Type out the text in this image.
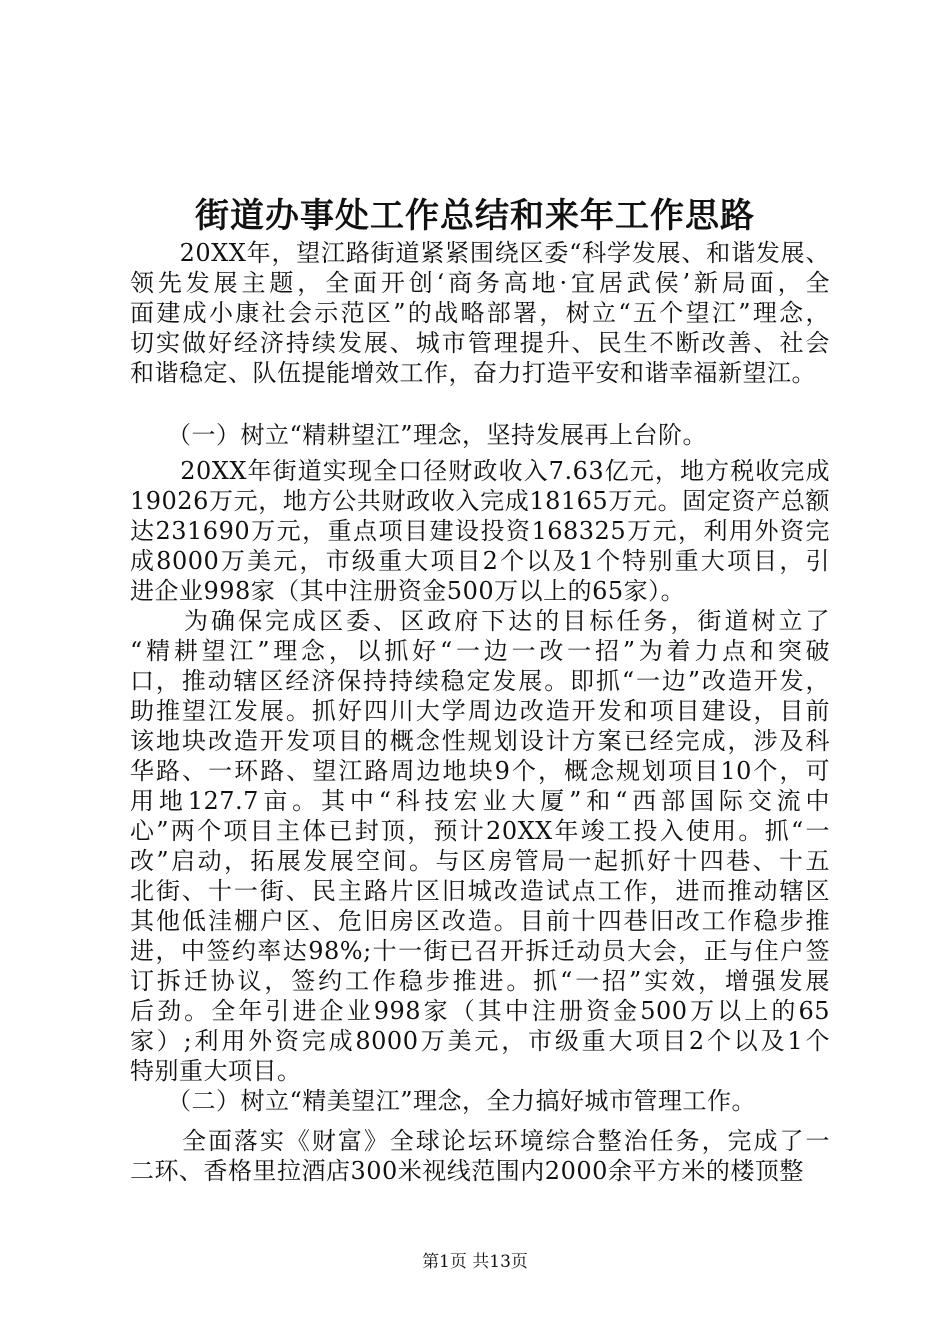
街道办事处工作总结和来年工作思路
　　20XX年，望江路街道紧紧围绕区委“科学发展、和谐发展、
领先发展主题，全面开创‘商务高地·宜居武侯’新局面，全
面建成小康社会示范区”的战略部署，树立“五个望江”理念，
切实做好经济持续发展、城市管理提升、民生不断改善、社会
和谐稳定、队伍提能增效工作，奋力打造平安和谐幸福新望江。
　　（一）树立“精耕望江”理念，坚持发展再上台阶。
　　20XX年街道实现全口径财政收入7.63亿元，地方税收完成
19026万元，地方公共财政收入完成18165万元。固定资产总额
达231690万元，重点项目建设投资168325万元，利用外资完
成8000万美元，市级重大项目2个以及1个特别重大项目，引
进企业998家（其中注册资金500万以上的65家）。
　　为确保完成区委、区政府下达的目标任务，街道树立了
“精耕望江”理念，以抓好“一边一改一招”为着力点和突破
口，推动辖区经济保持持续稳定发展。即抓“一边”改造开发，
助推望江发展。抓好四川大学周边改造开发和项目建设，目前
该地块改造开发项目的概念性规划设计方案已经完成，涉及科
华路、一环路、望江路周边地块9个，概念规划项目10个，可
用地127.7亩。其中“科技宏业大厦”和“西部国际交流中
心”两个项目主体已封顶，预计20XX年竣工投入使用。抓“一
改”启动，拓展发展空间。与区房管局一起抓好十四巷、十五
北街、十一街、民主路片区旧城改造试点工作，进而推动辖区
其他低洼棚户区、危旧房区改造。目前十四巷旧改工作稳步推
进，中签约率达98%;十一街已召开拆迁动员大会，正与住户签
订拆迁协议，签约工作稳步推进。抓“一招”实效，增强发展
后劲。全年引进企业998家（其中注册资金500万以上的65
家）;利用外资完成8000万美元，市级重大项目2个以及1个
特别重大项目。
　　（二）树立“精美望江”理念，全力搞好城市管理工作。
　　全面落实《财富》全球论坛环境综合整治任务，完成了一
二环、香格里拉酒店300米视线范围内2000余平方米的楼顶整
第1页 共13页
